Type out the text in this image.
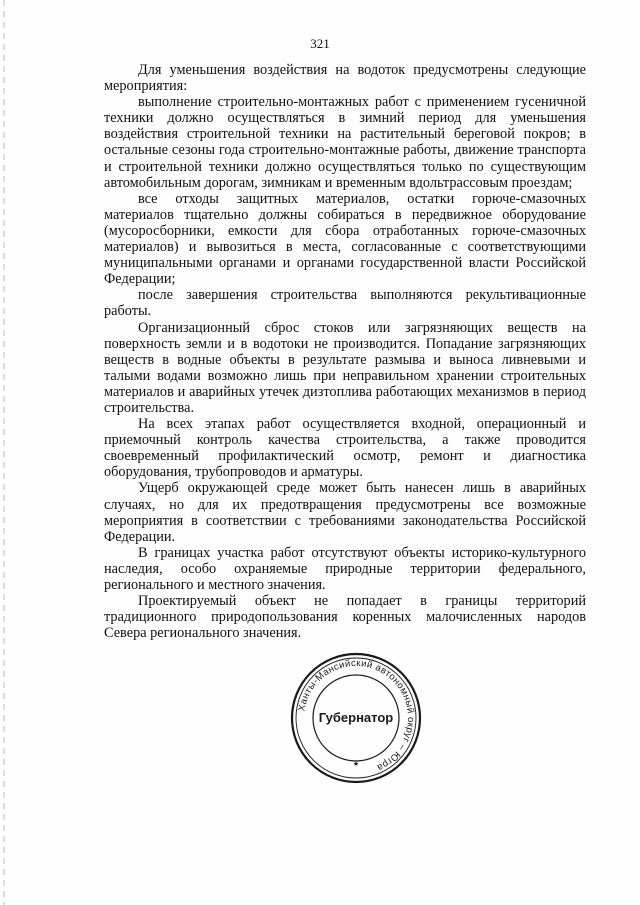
321

Для уменьшения воздействия на водоток предусмотрены следующие мероприятия:

выполнение строительно-монтажных работ с применением гусеничной техники должно осуществляться в зимний период для уменьшения воздействия строительной техники на растительный береговой покров; в остальные сезоны года строительно-монтажные работы, движение транспорта и строительной техники должно осуществляться только по существующим автомобильным дорогам, зимникам и временным вдольтрассовым проездам;

все отходы защитных материалов, остатки горюче-смазочных материалов тщательно должны собираться в передвижное оборудование (мусоросборники, емкости для сбора отработанных горюче-смазочных материалов) и вывозиться в места, согласованные с соответствующими муниципальными органами и органами государственной власти Российской Федерации;

после завершения строительства выполняются рекультивационные работы.

Организационный сброс стоков или загрязняющих веществ на поверхность земли и в водотоки не производится. Попадание загрязняющих веществ в водные объекты в результате размыва и выноса ливневыми и талыми водами возможно лишь при неправильном хранении строительных материалов и аварийных утечек дизтоплива работающих механизмов в период строительства.

На всех этапах работ осуществляется входной, операционный и приемочный контроль качества строительства, а также проводится своевременный профилактический осмотр, ремонт и диагностика оборудования, трубопроводов и арматуры.

Ущерб окружающей среде может быть нанесен лишь в аварийных случаях, но для их предотвращения предусмотрены все возможные мероприятия в соответствии с требованиями законодательства Российской Федерации.

В границах участка работ отсутствуют объекты историко-культурного наследия, особо охраняемые природные территории федерального, регионального и местного значения.

Проектируемый объект не попадает в границы территорий традиционного природопользования коренных малочисленных народов Севера регионального значения.

Ханты-Мансийский автономный округ – Югра
Губернатор
★
